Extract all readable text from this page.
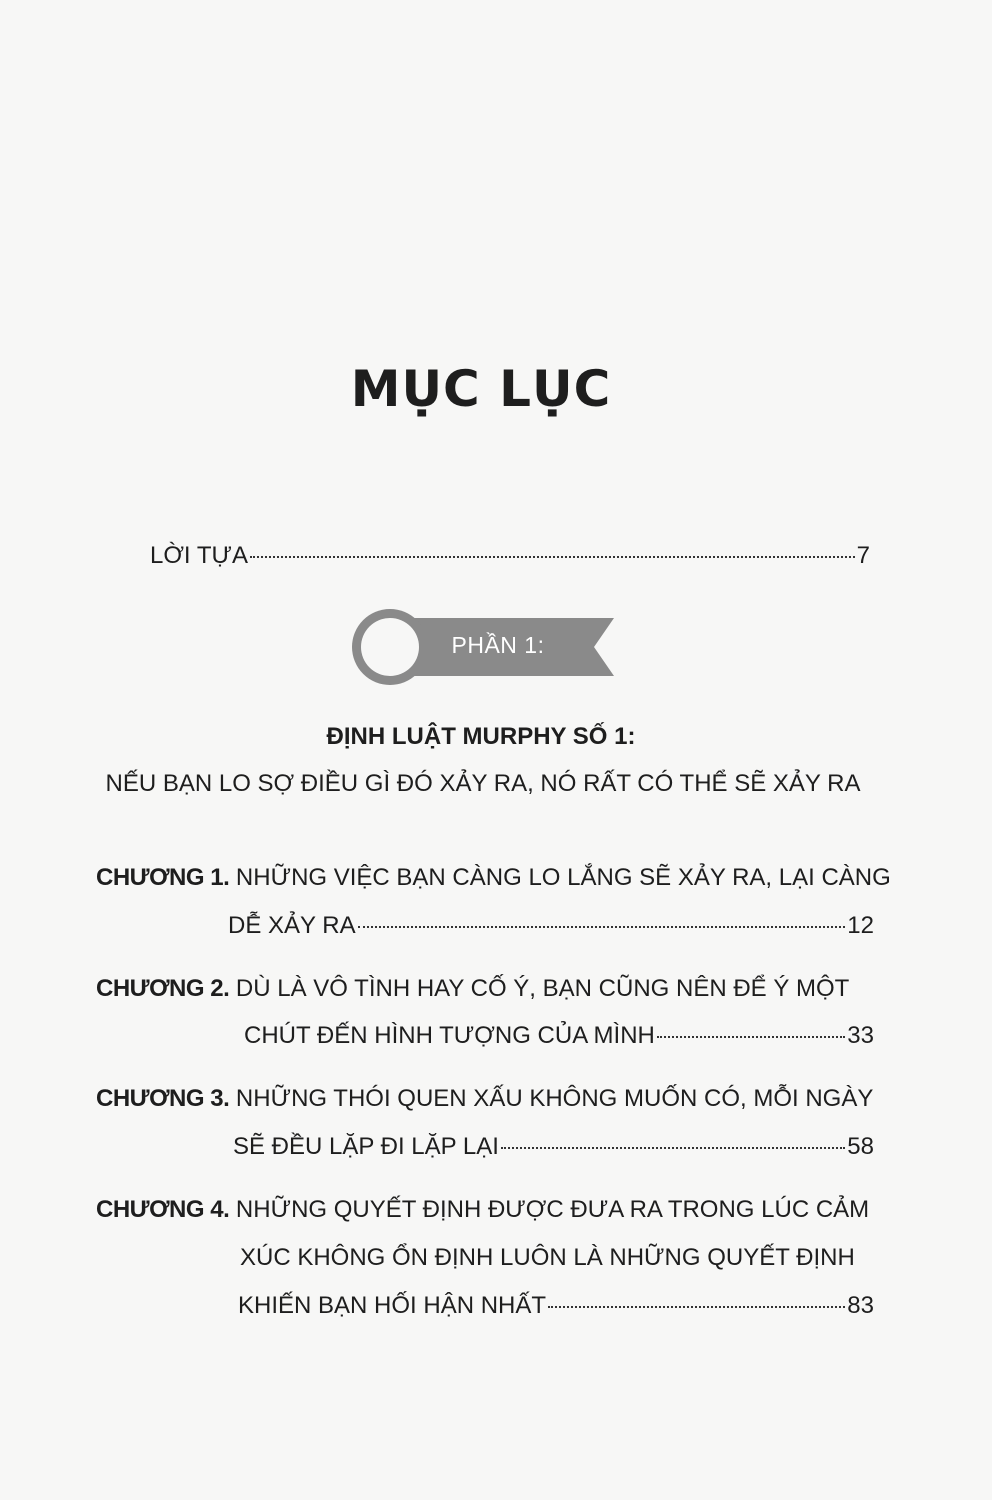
MỤC LỤC
LỜI TỰA	7
PHẦN 1:
ĐỊNH LUẬT MURPHY SỐ 1:
NẾU BẠN LO SỢ ĐIỀU GÌ ĐÓ XẢY RA, NÓ RẤT CÓ THỂ SẼ XẢY RA
CHƯƠNG 1. NHỮNG VIỆC BẠN CÀNG LO LẮNG SẼ XẢY RA, LẠI CÀNG
DỄ XẢY RA	12
CHƯƠNG 2. DÙ LÀ VÔ TÌNH HAY CỐ Ý, BẠN CŨNG NÊN ĐỂ Ý MỘT
CHÚT ĐẾN HÌNH TƯỢNG CỦA MÌNH	33
CHƯƠNG 3. NHỮNG THÓI QUEN XẤU KHÔNG MUỐN CÓ, MỖI NGÀY
SẼ ĐỀU LẶP ĐI LẶP LẠI	58
CHƯƠNG 4. NHỮNG QUYẾT ĐỊNH ĐƯỢC ĐƯA RA TRONG LÚC CẢM
XÚC KHÔNG ỔN ĐỊNH LUÔN LÀ NHỮNG QUYẾT ĐỊNH
KHIẾN BẠN HỐI HẬN NHẤT	83
